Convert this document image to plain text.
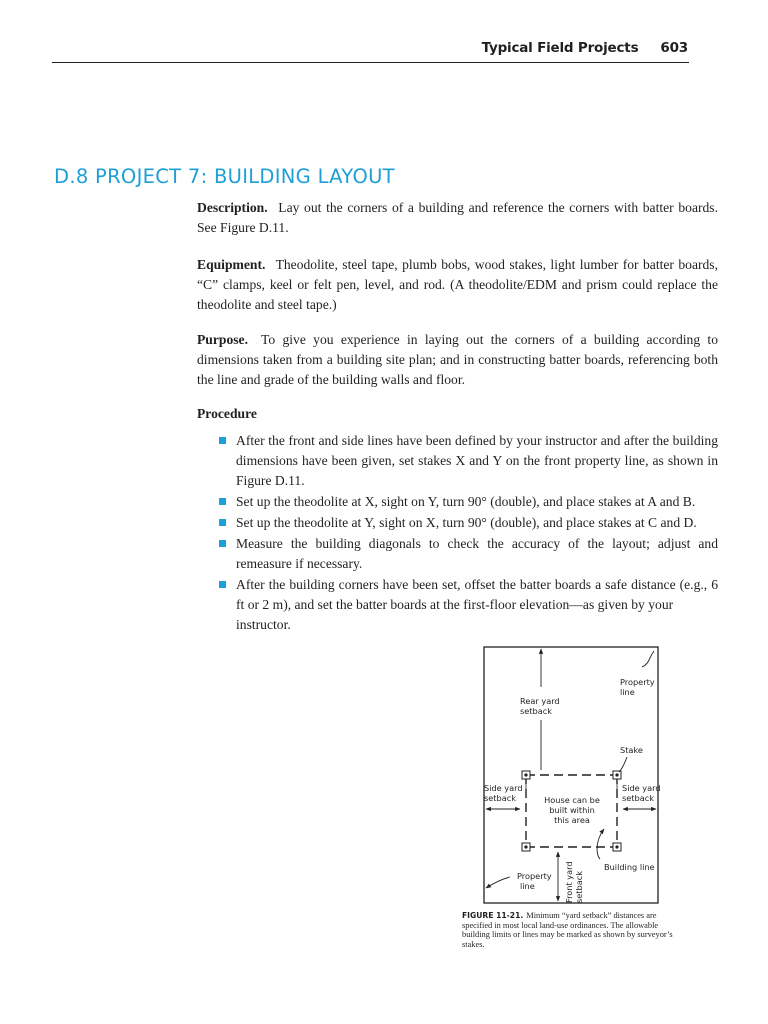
Typical Field Projects 603
D.8 PROJECT 7: BUILDING LAYOUT

Description. Lay out the corners of a building and reference the corners with batter boards. See Figure D.11.

Equipment. Theodolite, steel tape, plumb bobs, wood stakes, light lumber for batter boards, “C” clamps, keel or felt pen, level, and rod. (A theodolite/EDM and prism could replace the theodolite and steel tape.)

Purpose. To give you experience in laying out the corners of a building according to dimensions taken from a building site plan; and in constructing batter boards, referencing both the line and grade of the building walls and floor.

Procedure
After the front and side lines have been defined by your instructor and after the building dimensions have been given, set stakes X and Y on the front property line, as shown in Figure D.11.
Set up the theodolite at X, sight on Y, turn 90° (double), and place stakes at A and B.
Set up the theodolite at Y, sight on X, turn 90° (double), and place stakes at C and D.
Measure the building diagonals to check the accuracy of the layout; adjust and remeasure if necessary.
After the building corners have been set, offset the batter boards a safe distance (e.g., 6 ft or 2 m), and set the batter boards at the first-floor elevation—as given by your
instructor.
Property line
Rear yard setback
Stake
Side yard setback
Side yard setback
House can be built within this area
Building line
Property line	Front yardsetback
FIGURE 11-21. Minimum “yard setback” distances are specified in most local land-use ordinances. The allowable building limits or lines may be marked as shown by surveyor’s stakes.
